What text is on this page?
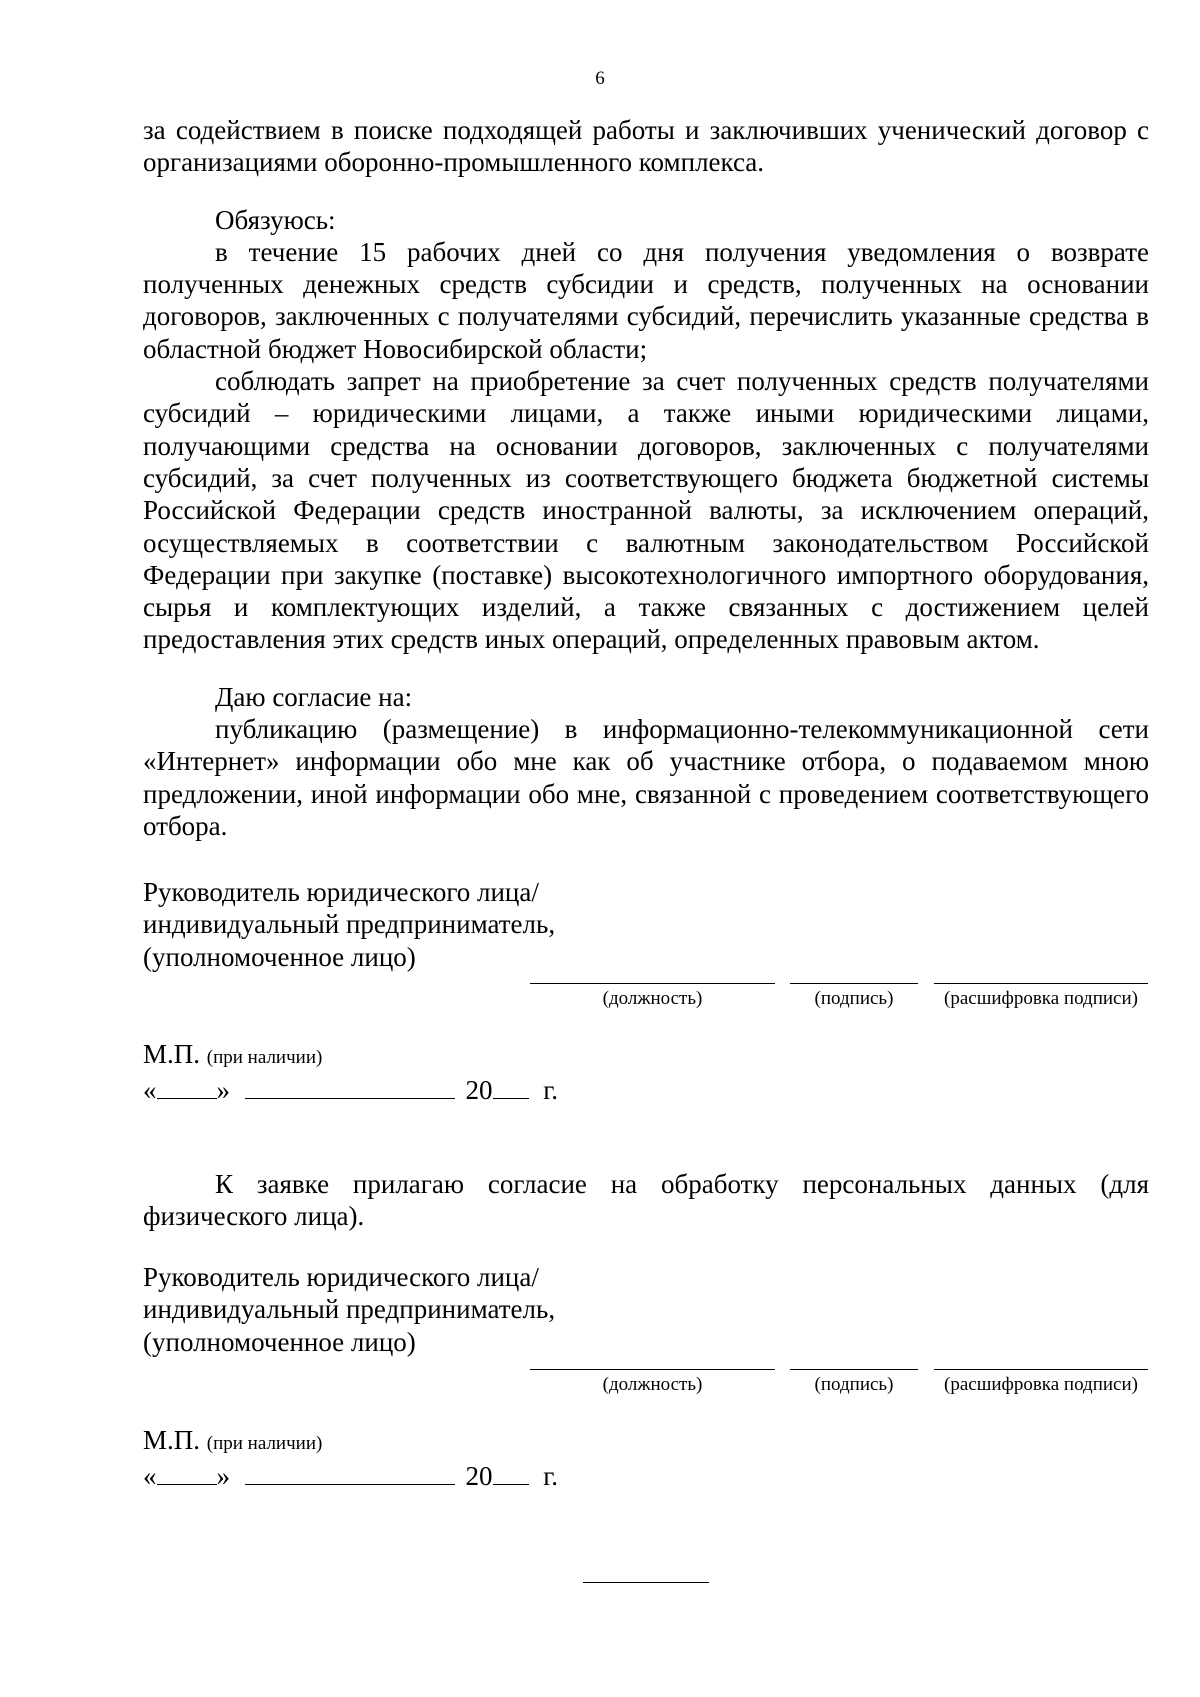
6

за содействием в поиске подходящей работы и заключивших ученический договор с организациями оборонно-промышленного комплекса.

Обязуюсь:

в течение 15 рабочих дней со дня получения уведомления о возврате полученных денежных средств субсидии и средств, полученных на основании договоров, заключенных с получателями субсидий, перечислить указанные средства в областной бюджет Новосибирской области;

соблюдать запрет на приобретение за счет полученных средств получателями субсидий – юридическими лицами, а также иными юридическими лицами, получающими средства на основании договоров, заключенных с получателями субсидий, за счет полученных из соответствующего бюджета бюджетной системы Российской Федерации средств иностранной валюты, за исключением операций, осуществляемых в соответствии с валютным законодательством Российской Федерации при закупке (поставке) высокотехнологичного импортного оборудования, сырья и комплектующих изделий, а также связанных с достижением целей предоставления этих средств иных операций, определенных правовым актом.

Даю согласие на:

публикацию (размещение) в информационно-телекоммуникационной сети «Интернет» информации обо мне как об участнике отбора, о подаваемом мною предложении, иной информации обо мне, связанной с проведением соответствующего отбора.

Руководитель юридического лица/
индивидуальный предприниматель,
(уполномоченное лицо)
(должность)	(подпись)	(расшифровка подписи)
М.П. (при наличии)
« »	20 г.

К заявке прилагаю согласие на обработку персональных данных (для физического лица).

Руководитель юридического лица/
индивидуальный предприниматель,
(уполномоченное лицо)
(должность)	(подпись)	(расшифровка подписи)
М.П. (при наличии)
« »	20 г.
